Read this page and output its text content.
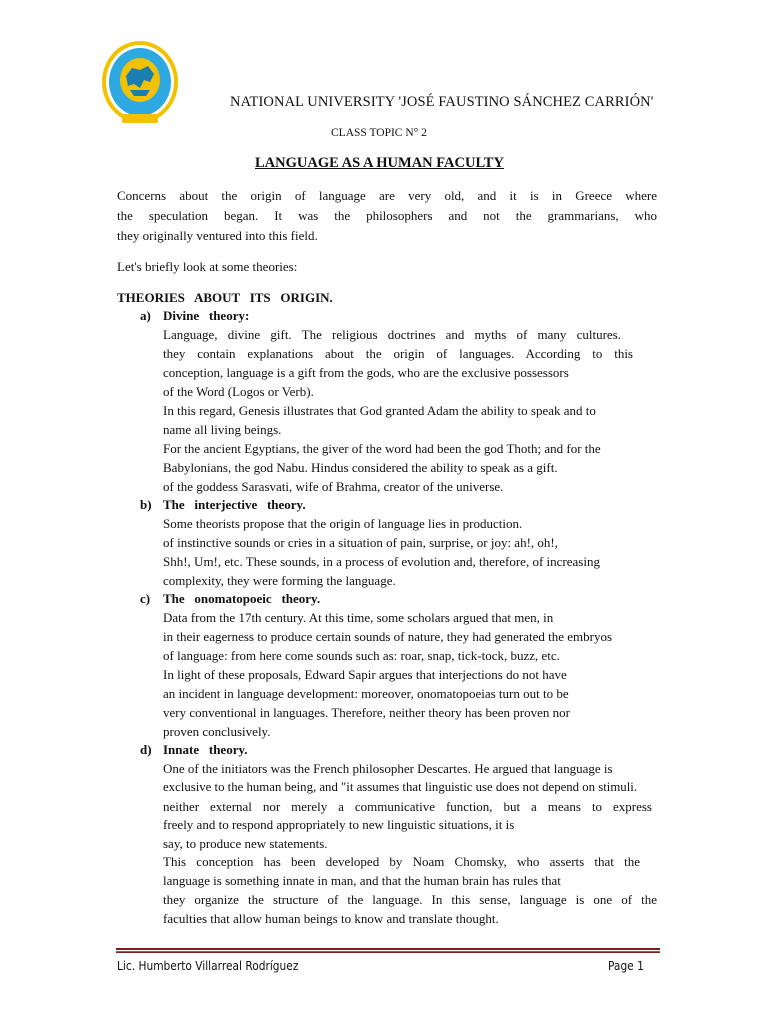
NATIONAL UNIVERSITY 'JOSÉ FAUSTINO SÁNCHEZ CARRIÓN'
CLASS TOPIC N° 2
LANGUAGE AS A HUMAN FACULTY
Concerns about the origin of language are very old, and it is in Greece where
the speculation began. It was the philosophers and not the grammarians, who
they originally ventured into this field.
Let's briefly look at some theories:
THEORIES   ABOUT   ITS   ORIGIN.
a) Divine   theory:
Language, divine gift. The religious doctrines and myths of many cultures.
they contain explanations about the origin of languages. According to this
conception, language is a gift from the gods, who are the exclusive possessors
of the Word (Logos or Verb).
In this regard, Genesis illustrates that God granted Adam the ability to speak and to
name all living beings.
For the ancient Egyptians, the giver of the word had been the god Thoth; and for the
Babylonians, the god Nabu. Hindus considered the ability to speak as a gift.
of the goddess Sarasvati, wife of Brahma, creator of the universe.
b) The   interjective   theory.
Some theorists propose that the origin of language lies in production.
of instinctive sounds or cries in a situation of pain, surprise, or joy: ah!, oh!,
Shh!, Um!, etc. These sounds, in a process of evolution and, therefore, of increasing
complexity, they were forming the language.
c) The   onomatopoeic   theory.
Data from the 17th century. At this time, some scholars argued that men, in
in their eagerness to produce certain sounds of nature, they had generated the embryos
of language: from here come sounds such as: roar, snap, tick-tock, buzz, etc.
In light of these proposals, Edward Sapir argues that interjections do not have
an incident in language development: moreover, onomatopoeias turn out to be
very conventional in languages. Therefore, neither theory has been proven nor
proven conclusively.
d) Innate   theory.
One of the initiators was the French philosopher Descartes. He argued that language is
exclusive to the human being, and "it assumes that linguistic use does not depend on stimuli.
neither external nor merely a communicative function, but a means to express
freely and to respond appropriately to new linguistic situations, it is
say, to produce new statements.
This conception has been developed by Noam Chomsky, who asserts that the
language is something innate in man, and that the human brain has rules that
they organize the structure of the language. In this sense, language is one of the
faculties that allow human beings to know and translate thought.
Lic. Humberto Villarreal Rodríguez	Page 1
